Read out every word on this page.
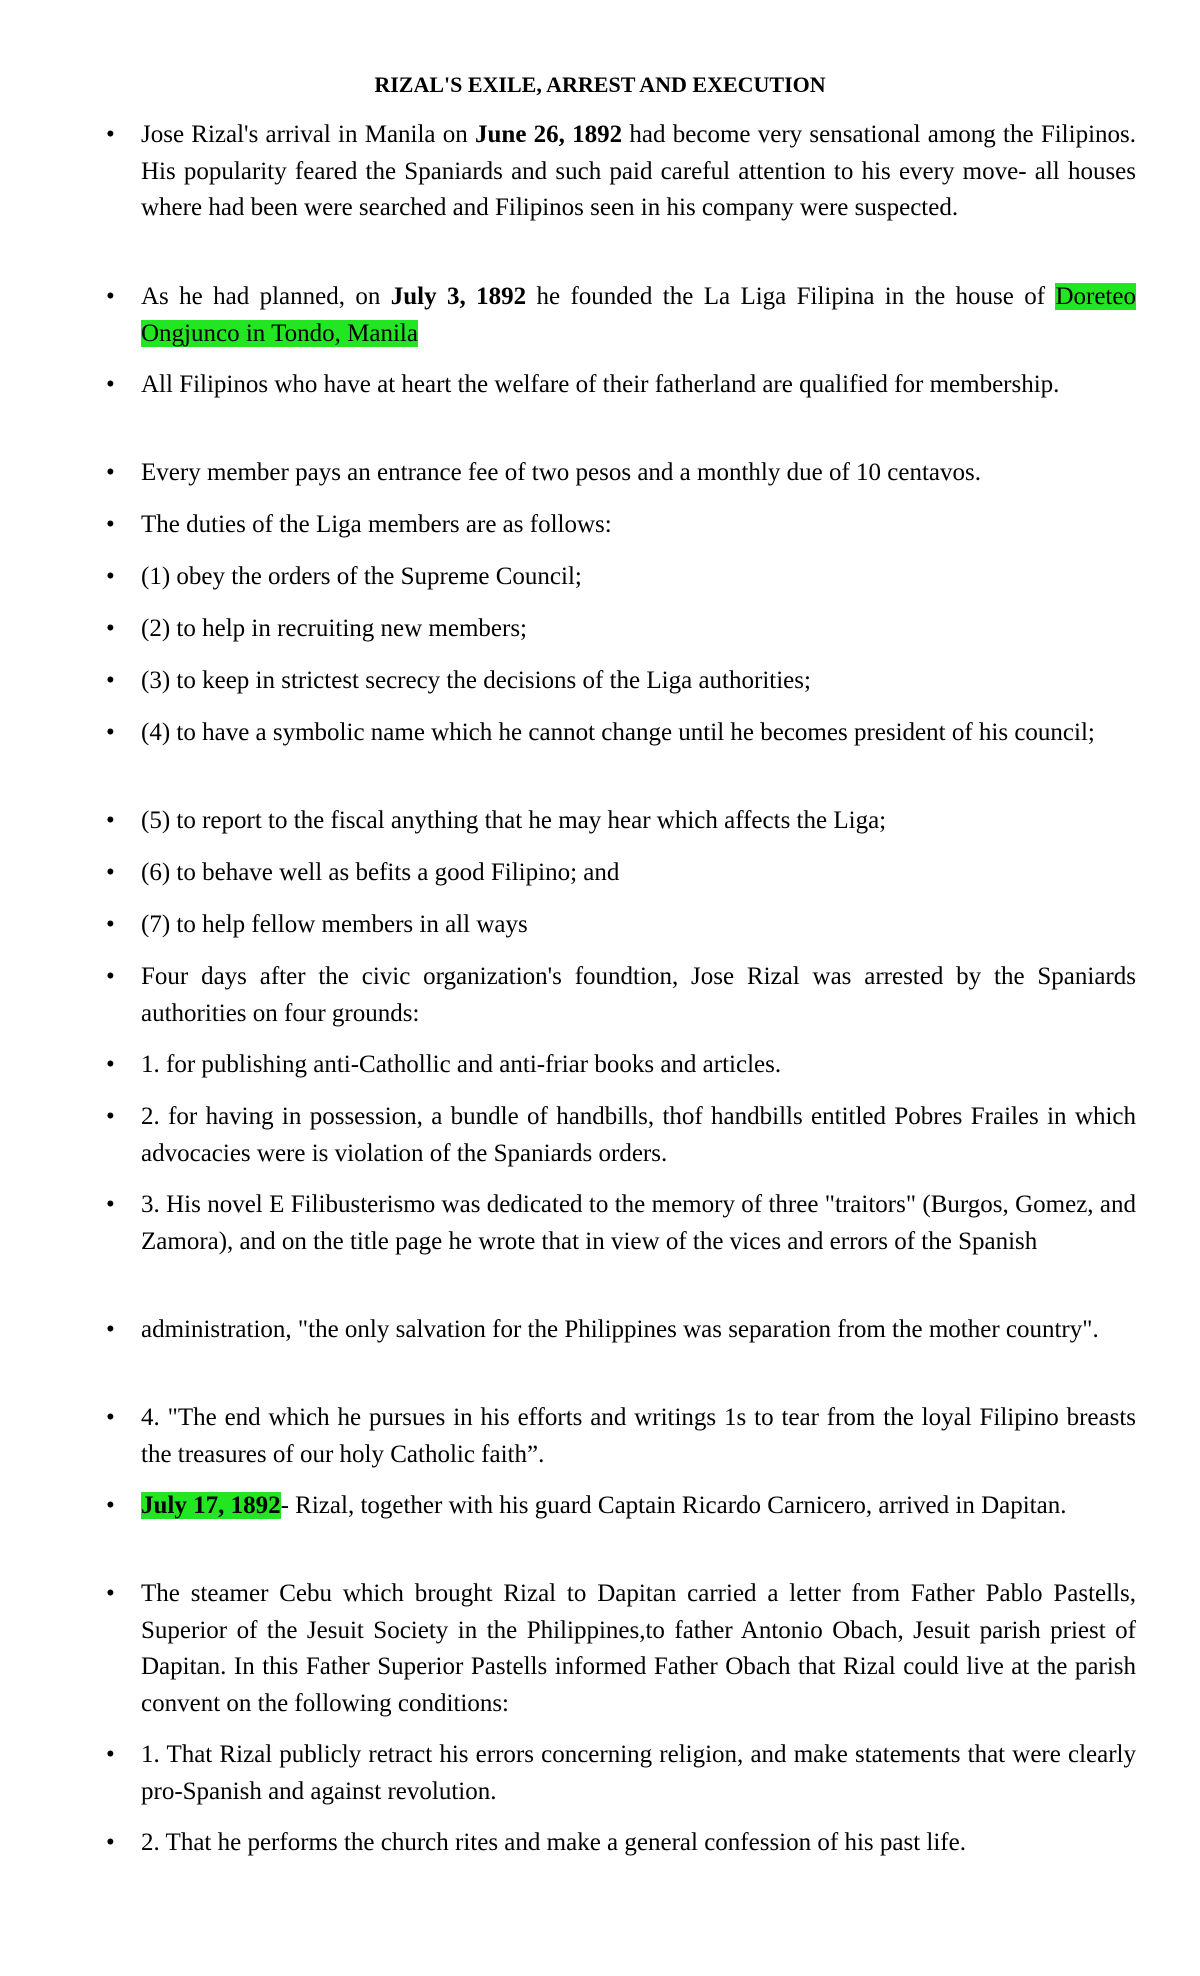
RIZAL'S EXILE, ARREST AND EXECUTION
• Jose Rizal's arrival in Manila on June 26, 1892 had become very sensational among the Filipinos. His popularity feared the Spaniards and such paid careful attention to his every move- all houses where had been were searched and Filipinos seen in his company were suspected.
• As he had planned, on July 3, 1892 he founded the La Liga Filipina in the house of Doreteo Ongjunco in Tondo, Manila
• All Filipinos who have at heart the welfare of their fatherland are qualified for membership.
• Every member pays an entrance fee of two pesos and a monthly due of 10 centavos.
• The duties of the Liga members are as follows:
• (1) obey the orders of the Supreme Council;
• (2) to help in recruiting new members;
• (3) to keep in strictest secrecy the decisions of the Liga authorities;
• (4) to have a symbolic name which he cannot change until he becomes president of his council;
• (5) to report to the fiscal anything that he may hear which affects the Liga;
• (6) to behave well as befits a good Filipino; and
• (7) to help fellow members in all ways
• Four days after the civic organization's foundtion, Jose Rizal was arrested by the Spaniards authorities on four grounds:
• 1. for publishing anti-Cathollic and anti-friar books and articles.
• 2. for having in possession, a bundle of handbills, thof handbills entitled Pobres Frailes in which advocacies were is violation of the Spaniards orders.
• 3. His novel E Filibusterismo was dedicated to the memory of three "traitors" (Burgos, Gomez, and Zamora), and on the title page he wrote that in view of the vices and errors of the Spanish
• administration, "the only salvation for the Philippines was separation from the mother country".
• 4. "The end which he pursues in his efforts and writings 1s to tear from the loyal Filipino breasts the treasures of our holy Catholic faith”.
• July 17, 1892- Rizal, together with his guard Captain Ricardo Carnicero, arrived in Dapitan.
• The steamer Cebu which brought Rizal to Dapitan carried a letter from Father Pablo Pastells, Superior of the Jesuit Society in the Philippines,to father Antonio Obach, Jesuit parish priest of Dapitan. In this Father Superior Pastells informed Father Obach that Rizal could live at the parish convent on the following conditions:
• 1. That Rizal publicly retract his errors concerning religion, and make statements that were clearly pro-Spanish and against revolution.
• 2. That he performs the church rites and make a general confession of his past life.
